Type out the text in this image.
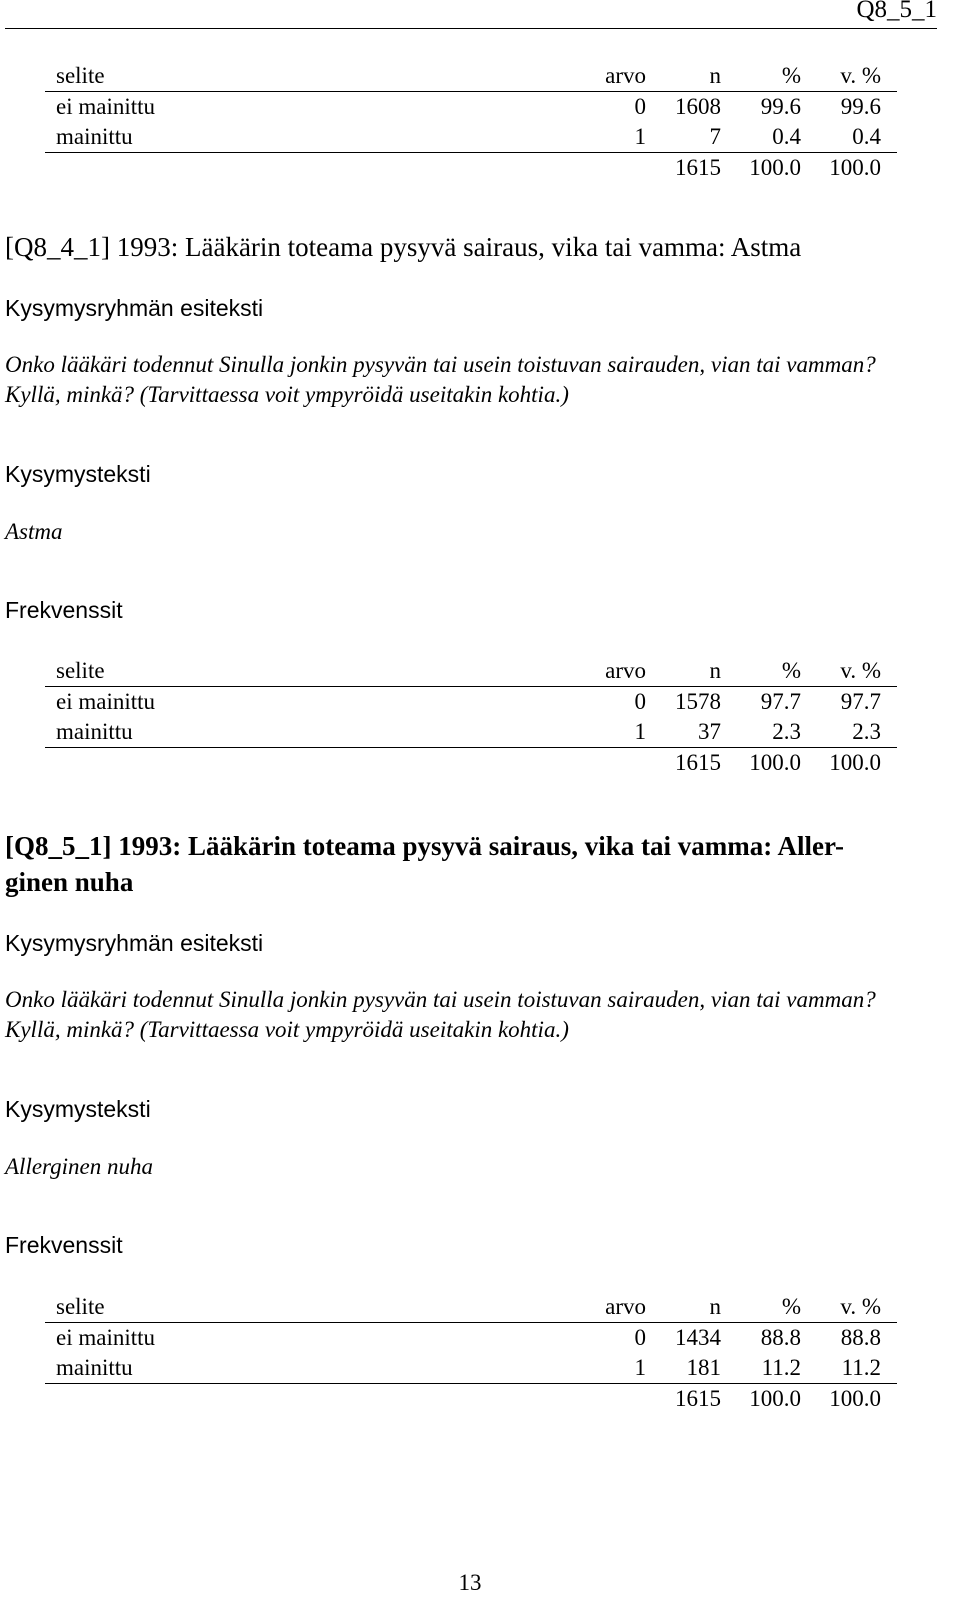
Q8_5_1
selite	arvo	n	%	v. %	
ei mainittu	0	1608	99.6	99.6	
mainittu	1	7	0.4	0.4	
		1615	100.0	100.0	
[Q8_4_1] 1993: Lääkärin toteama pysyvä sairaus, vika tai vamma: Astma
Kysymysryhmän esiteksti
Onko lääkäri todennut Sinulla jonkin pysyvän tai usein toistuvan sairauden, vian tai vamman?
Kyllä, minkä? (Tarvittaessa voit ympyröidä useitakin kohtia.)
Kysymysteksti
Astma
Frekvenssit
selite	arvo	n	%	v. %	
ei mainittu	0	1578	97.7	97.7	
mainittu	1	37	2.3	2.3	
		1615	100.0	100.0	
[Q8_5_1] 1993: Lääkärin toteama pysyvä sairaus, vika tai vamma: Aller-
ginen nuha
Kysymysryhmän esiteksti
Onko lääkäri todennut Sinulla jonkin pysyvän tai usein toistuvan sairauden, vian tai vamman?
Kyllä, minkä? (Tarvittaessa voit ympyröidä useitakin kohtia.)
Kysymysteksti
Allerginen nuha
Frekvenssit
selite	arvo	n	%	v. %	
ei mainittu	0	1434	88.8	88.8	
mainittu	1	181	11.2	11.2	
		1615	100.0	100.0	
13
